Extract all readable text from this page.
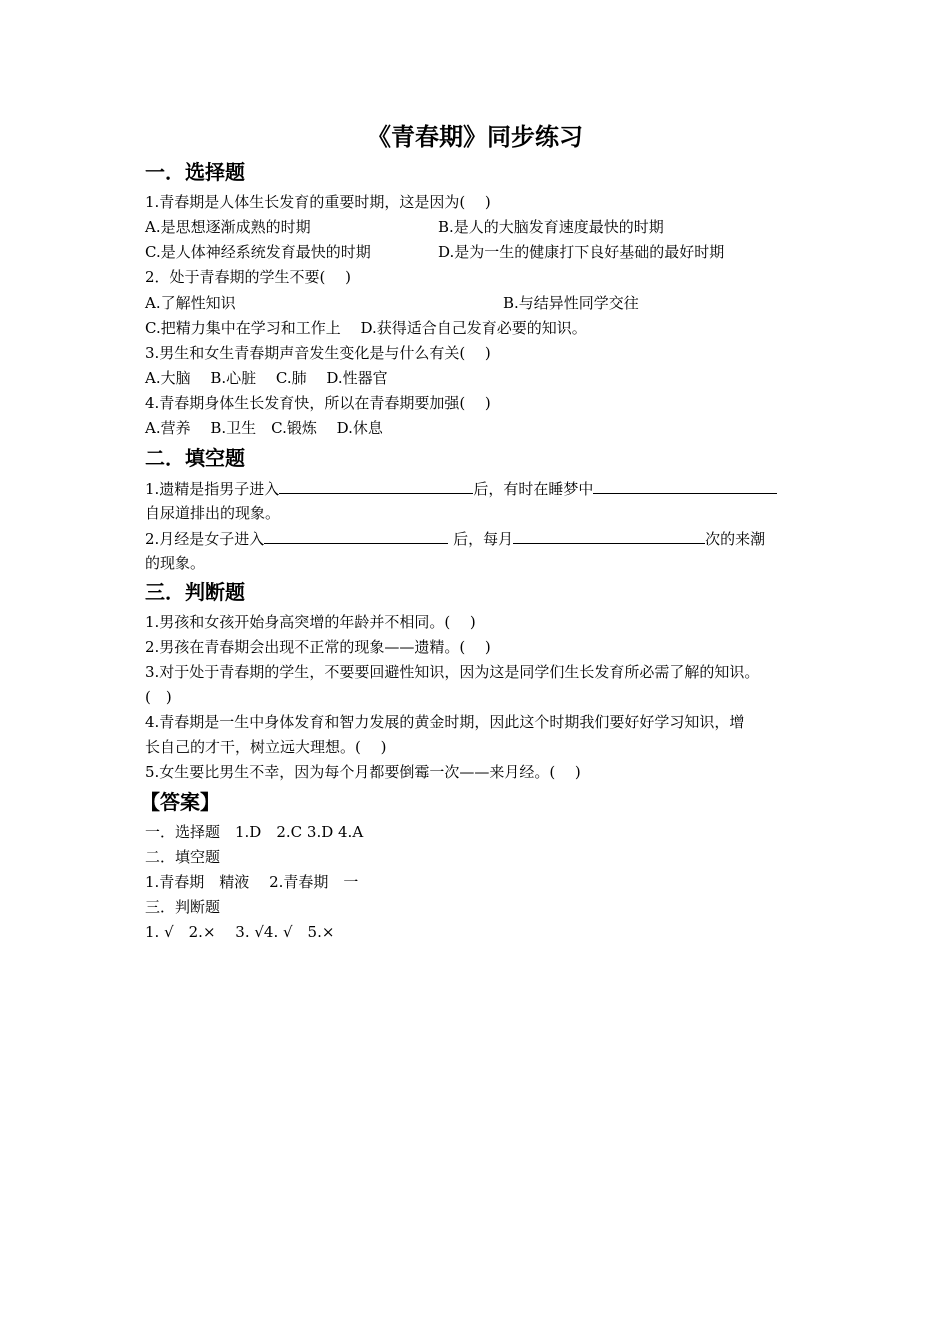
《青春期》同步练习
一．选择题
1.青春期是人体生长发育的重要时期，这是因为(　 )
A.是思想逐渐成熟的时期	B.是人的大脑发育速度最快的时期
C.是人体神经系统发育最快的时期	D.是为一生的健康打下良好基础的最好时期
2．处于青春期的学生不要(　 )
A.了解性知识	B.与结异性同学交往
C.把精力集中在学习和工作上　 D.获得适合自己发育必要的知识。
3.男生和女生青春期声音发生变化是与什么有关(　 )
A.大脑　 B.心脏　 C.肺　 D.性器官
4.青春期身体生长发育快，所以在青春期要加强(　 )
A.营养　 B.卫生　C.锻炼　 D.休息
二．填空题
1.遗精是指男子进入	后，有时在睡梦中
自尿道排出的现象。
2.月经是女子进入	后，每月	次的来潮
的现象。
三．判断题
1.男孩和女孩开始身高突增的年龄并不相同。(　 )
2.男孩在青春期会出现不正常的现象——遗精。(　 )
3.对于处于青春期的学生，不要要回避性知识，因为这是同学们生长发育所必需了解的知识。
(　)
4.青春期是一生中身体发育和智力发展的黄金时期，因此这个时期我们要好好学习知识，增
长自己的才干，树立远大理想。(　 )
5.女生要比男生不幸，因为每个月都要倒霉一次——来月经。(　 )
【答案】
一．选择题　1.D　2.C 3.D 4.A
二．填空题
1.青春期　精液　 2.青春期　一
三．判断题
1. √　2.×　 3. √4. √　5.×
